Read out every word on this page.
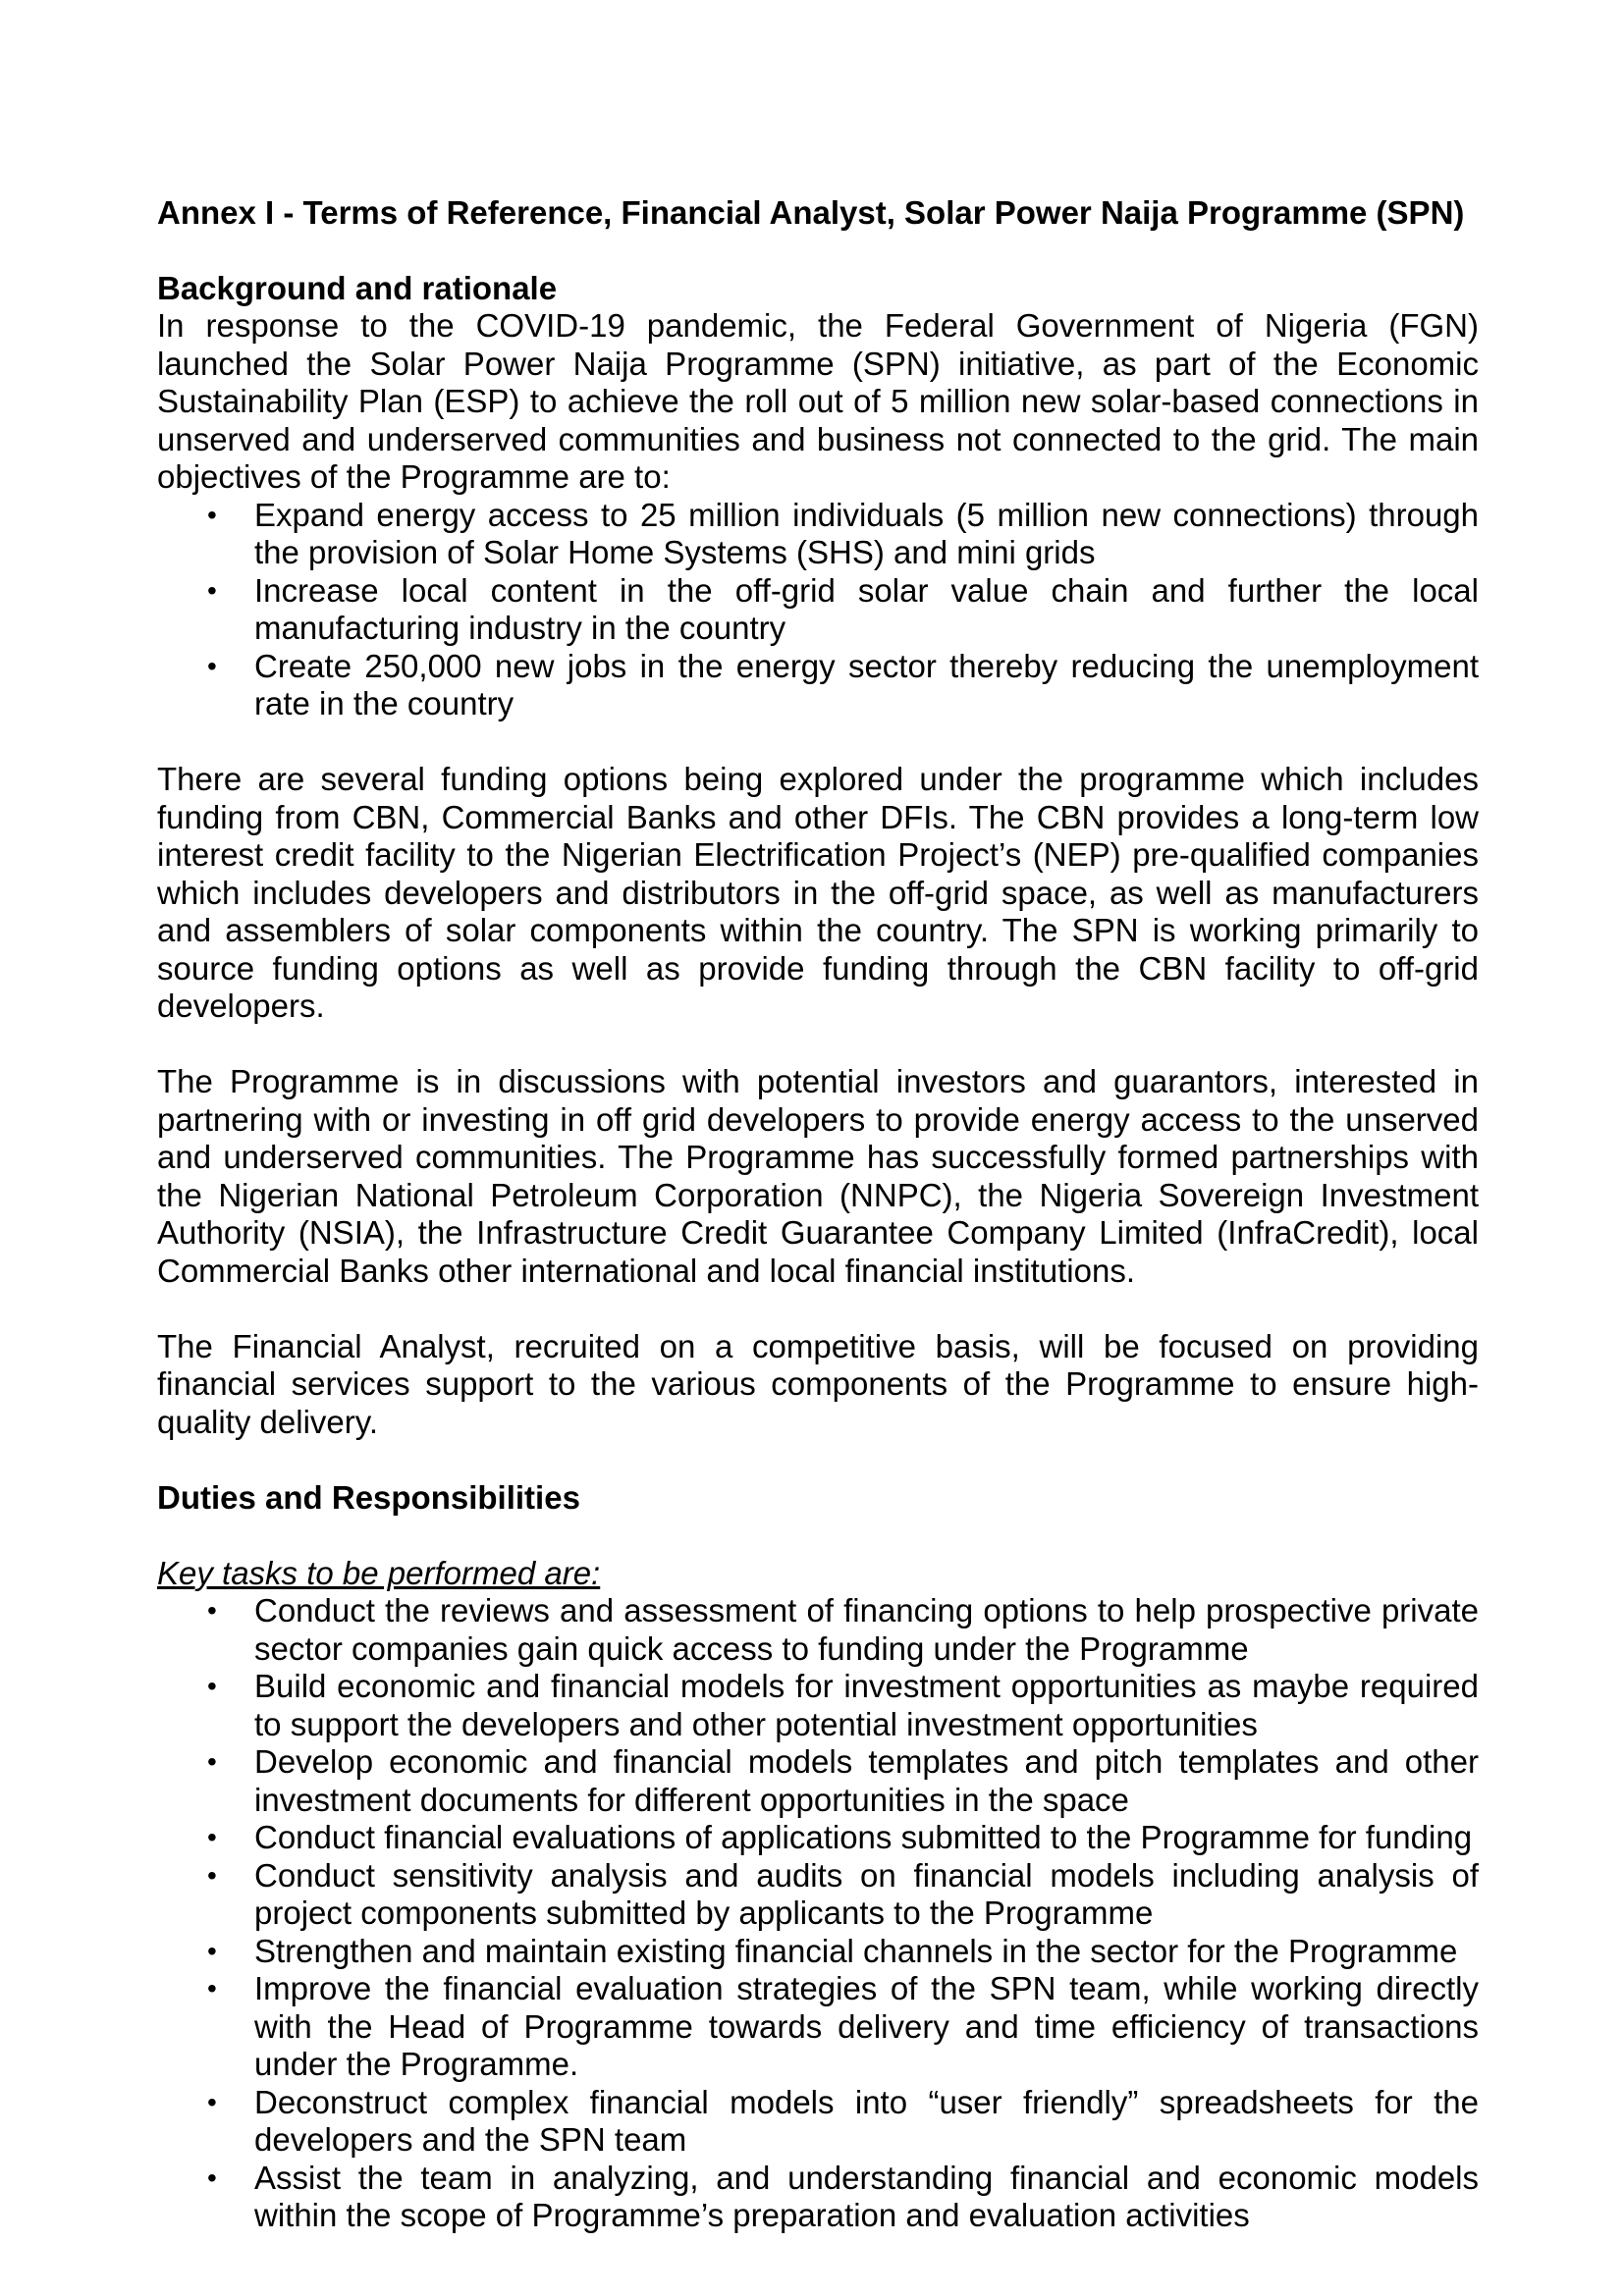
Annex I - Terms of Reference, Financial Analyst, Solar Power Naija Programme (SPN)
Background and rationale

In response to the COVID-19 pandemic, the Federal Government of Nigeria (FGN) launched the Solar Power Naija Programme (SPN) initiative, as part of the Economic Sustainability Plan (ESP) to achieve the roll out of 5 million new solar-based connections in unserved and underserved communities and business not connected to the grid. The main objectives of the Programme are to:

• Expand energy access to 25 million individuals (5 million new connections) through the provision of Solar Home Systems (SHS) and mini grids
• Increase local content in the off-grid solar value chain and further the local manufacturing industry in the country
• Create 250,000 new jobs in the energy sector thereby reducing the unemployment rate in the country

There are several funding options being explored under the programme which includes funding from CBN, Commercial Banks and other DFIs. The CBN provides a long-term low interest credit facility to the Nigerian Electrification Project’s (NEP) pre-qualified companies which includes developers and distributors in the off-grid space, as well as manufacturers and assemblers of solar components within the country. The SPN is working primarily to source funding options as well as provide funding through the CBN facility to off-grid developers.

The Programme is in discussions with potential investors and guarantors, interested in partnering with or investing in off grid developers to provide energy access to the unserved and underserved communities. The Programme has successfully formed partnerships with the Nigerian National Petroleum Corporation (NNPC), the Nigeria Sovereign Investment Authority (NSIA), the Infrastructure Credit Guarantee Company Limited (InfraCredit), local Commercial Banks other international and local financial institutions.

The Financial Analyst, recruited on a competitive basis, will be focused on providing financial services support to the various components of the Programme to ensure high-quality delivery.

Duties and Responsibilities
Key tasks to be performed are:
• Conduct the reviews and assessment of financing options to help prospective private sector companies gain quick access to funding under the Programme
• Build economic and financial models for investment opportunities as maybe required to support the developers and other potential investment opportunities
• Develop economic and financial models templates and pitch templates and other investment documents for different opportunities in the space
• Conduct financial evaluations of applications submitted to the Programme for funding
• Conduct sensitivity analysis and audits on financial models including analysis of project components submitted by applicants to the Programme
• Strengthen and maintain existing financial channels in the sector for the Programme
• Improve the financial evaluation strategies of the SPN team, while working directly with the Head of Programme towards delivery and time efficiency of transactions under the Programme.
• Deconstruct complex financial models into “user friendly” spreadsheets for the developers and the SPN team
• Assist the team in analyzing, and understanding financial and economic models within the scope of Programme’s preparation and evaluation activities
